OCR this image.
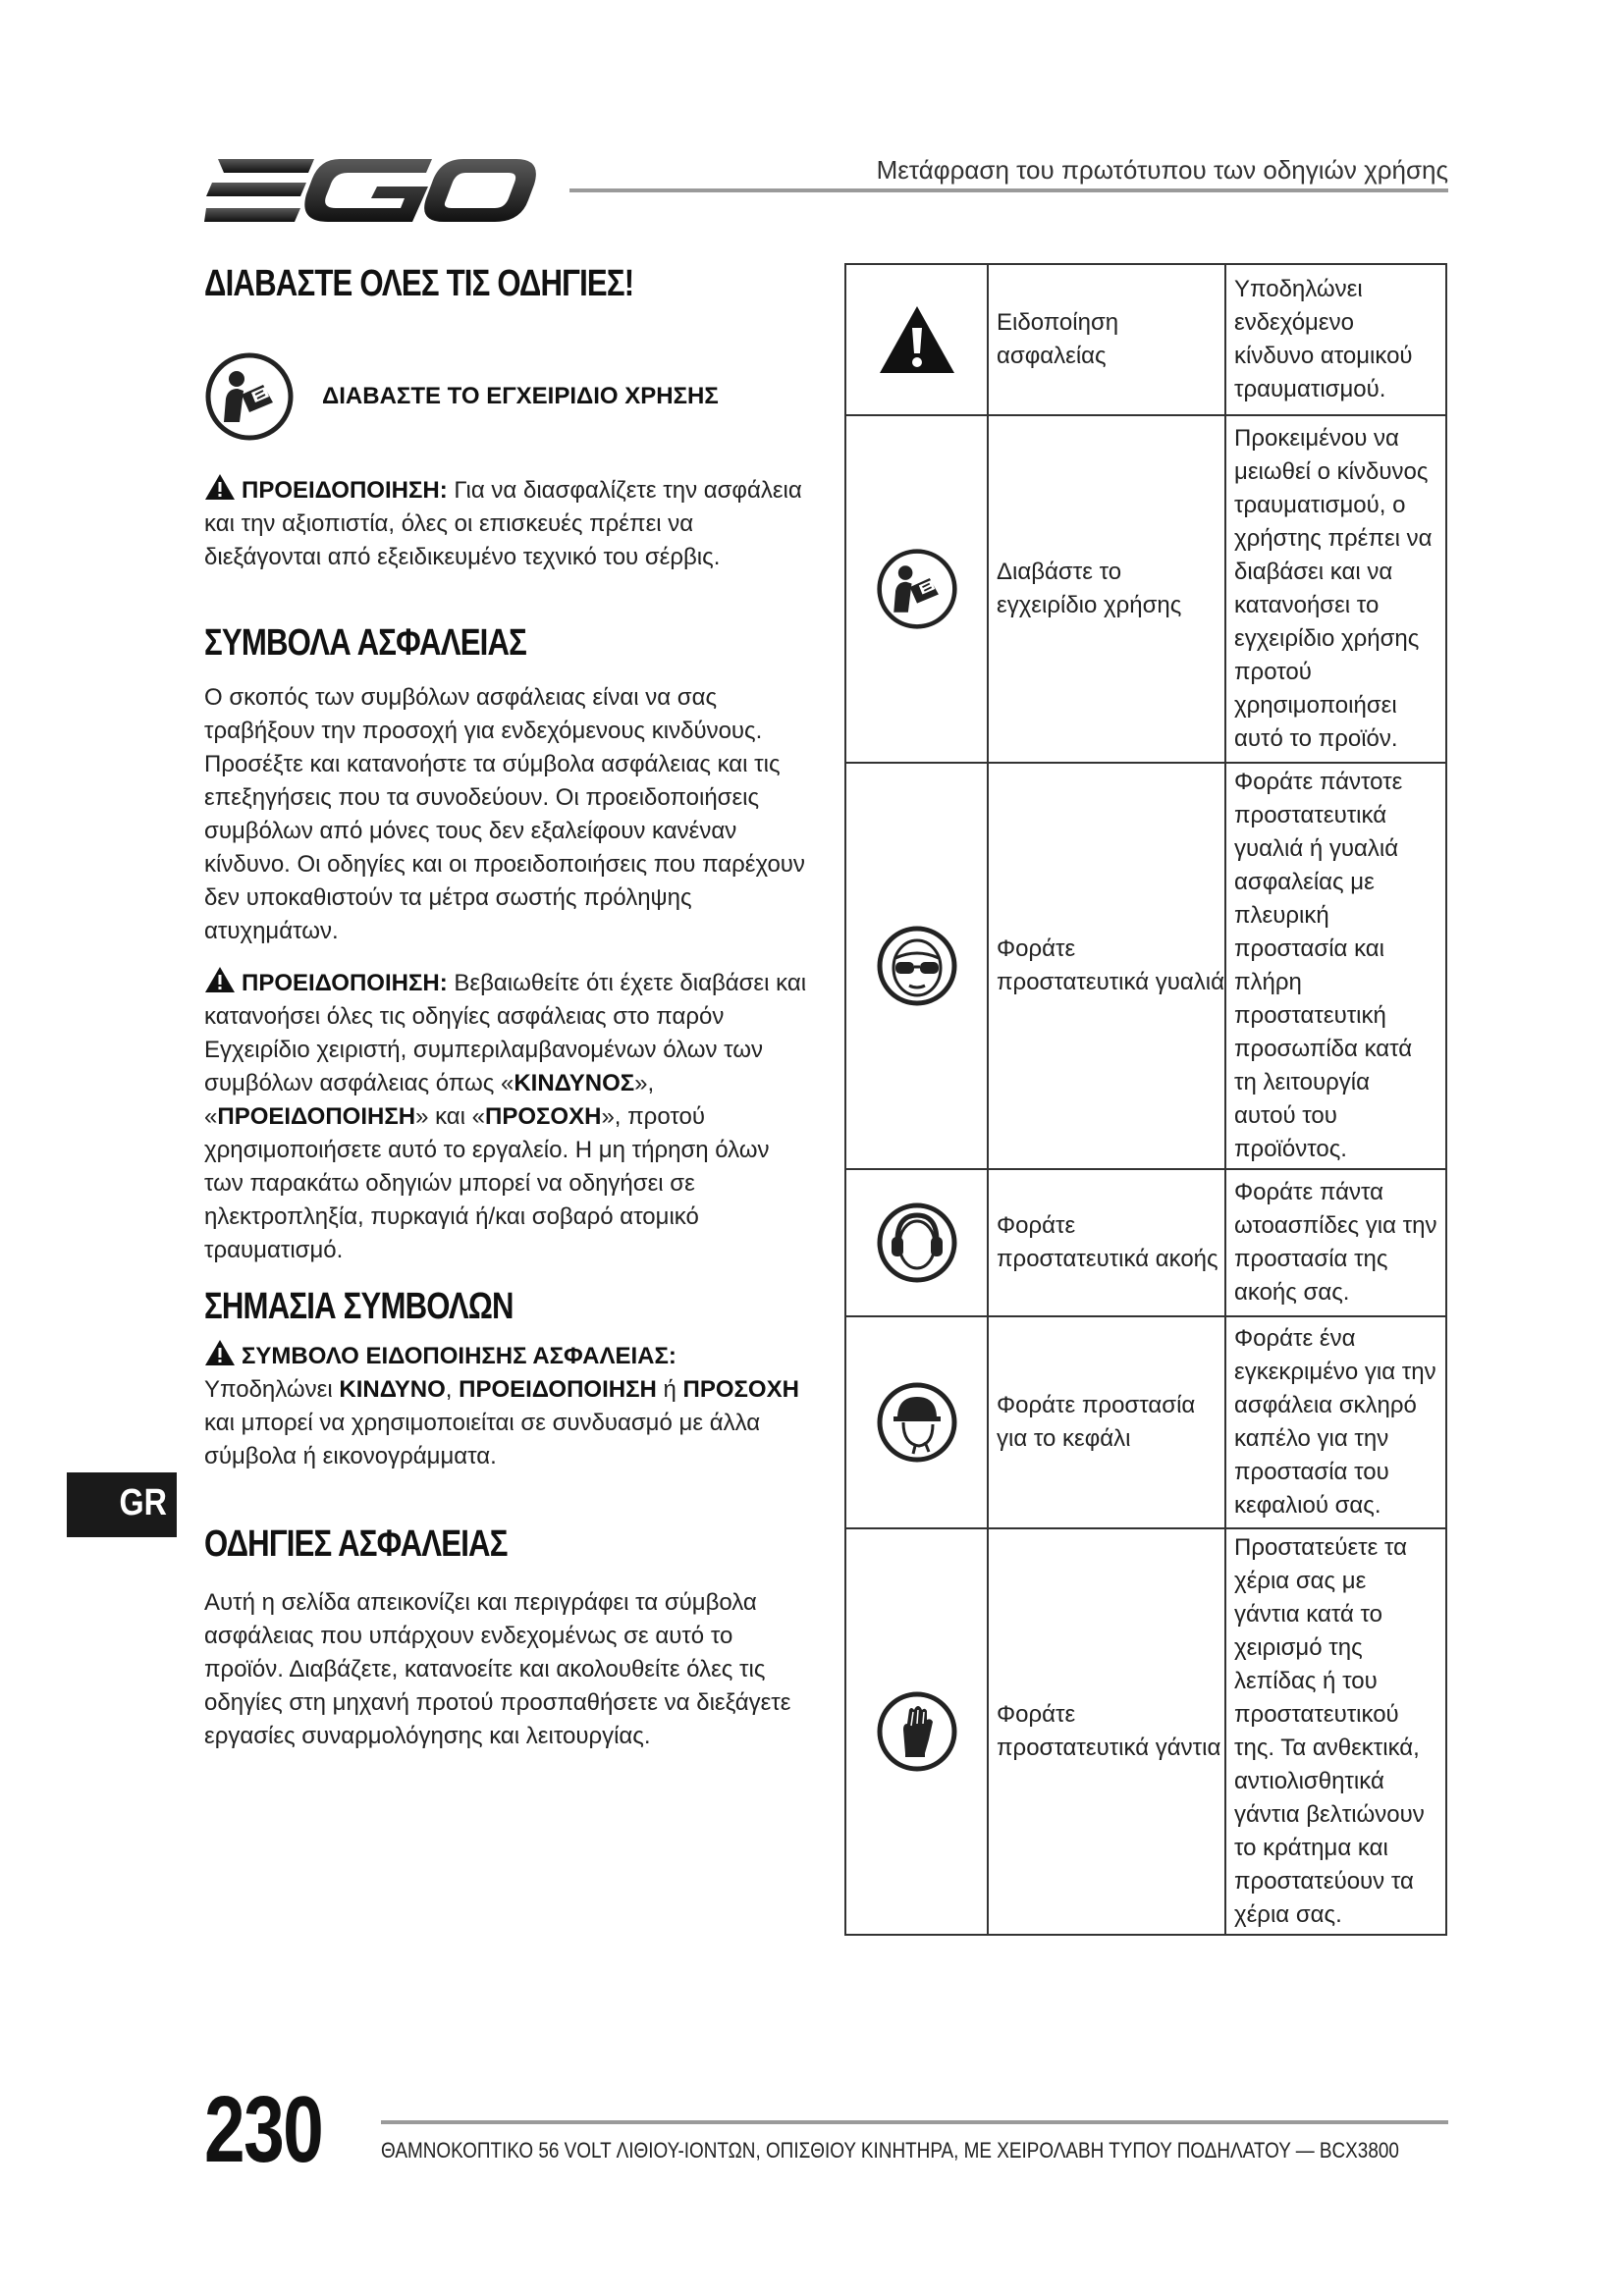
EGO
Μετάφραση του πρωτότυπου των οδηγιών χρήσης
ΔΙΑΒΑΣΤΕ ΟΛΕΣ ΤΙΣ ΟΔΗΓΙΕΣ!
ΔΙΑΒΑΣΤΕ ΤΟ ΕΓΧΕΙΡΙΔΙΟ ΧΡΗΣΗΣ
ΠΡΟΕΙΔΟΠΟΙΗΣΗ: Για να διασφαλίζετε την ασφάλεια και την αξιοπιστία, όλες οι επισκευές πρέπει να διεξάγονται από εξειδικευμένο τεχνικό του σέρβις.
ΣΥΜΒΟΛΑ ΑΣΦΑΛΕΙΑΣ
Ο σκοπός των συμβόλων ασφάλειας είναι να σας τραβήξουν την προσοχή για ενδεχόμενους κινδύνους. Προσέξτε και κατανοήστε τα σύμβολα ασφάλειας και τις επεξηγήσεις που τα συνοδεύουν. Οι προειδοποιήσεις συμβόλων από μόνες τους δεν εξαλείφουν κανέναν κίνδυνο. Οι οδηγίες και οι προειδοποιήσεις που παρέχουν δεν υποκαθιστούν τα μέτρα σωστής πρόληψης ατυχημάτων.
ΠΡΟΕΙΔΟΠΟΙΗΣΗ: Βεβαιωθείτε ότι έχετε διαβάσει και κατανοήσει όλες τις οδηγίες ασφάλειας στο παρόν Εγχειρίδιο χειριστή, συμπεριλαμβανομένων όλων των συμβόλων ασφάλειας όπως «ΚΙΝΔΥΝΟΣ», «ΠΡΟΕΙΔΟΠΟΙΗΣΗ» και «ΠΡΟΣΟΧΗ», προτού χρησιμοποιήσετε αυτό το εργαλείο. Η μη τήρηση όλων των παρακάτω οδηγιών μπορεί να οδηγήσει σε ηλεκτροπληξία, πυρκαγιά ή/και σοβαρό ατομικό τραυματισμό.
ΣΗΜΑΣΙΑ ΣΥΜΒΟΛΩΝ
ΣΥΜΒΟΛΟ ΕΙΔΟΠΟΙΗΣΗΣ ΑΣΦΑΛΕΙΑΣ:
Υποδηλώνει ΚΙΝΔΥΝΟ, ΠΡΟΕΙΔΟΠΟΙΗΣΗ ή ΠΡΟΣΟΧΗ και μπορεί να χρησιμοποιείται σε συνδυασμό με άλλα σύμβολα ή εικονογράμματα.
GR
ΟΔΗΓΙΕΣ ΑΣΦΑΛΕΙΑΣ
Αυτή η σελίδα απεικονίζει και περιγράφει τα σύμβολα ασφάλειας που υπάρχουν ενδεχομένως σε αυτό το προϊόν. Διαβάζετε, κατανοείτε και ακολουθείτε όλες τις οδηγίες στη μηχανή προτού προσπαθήσετε να διεξάγετε εργασίες συναρμολόγησης και λειτουργίας.
	Ειδοποίηση ασφαλείας	Υποδηλώνει ενδεχόμενο κίνδυνο ατομικού τραυματισμού.

	Διαβάστε το εγχειρίδιο χρήσης	Προκειμένου να μειωθεί ο κίνδυνος τραυματισμού, ο χρήστης πρέπει να διαβάσει και να κατανοήσει το εγχειρίδιο χρήσης προτού χρησιμοποιήσει αυτό το προϊόν.

	Φοράτε προστατευτικά γυαλιά	Φοράτε πάντοτε προστατευτικά γυαλιά ή γυαλιά ασφαλείας με πλευρική προστασία και πλήρη προστατευτική προσωπίδα κατά τη λειτουργία αυτού του προϊόντος.

	Φοράτε προστατευτικά ακοής	Φοράτε πάντα ωτοασπίδες για την προστασία της ακοής σας.

	Φοράτε προστασία για το κεφάλι	Φοράτε ένα εγκεκριμένο για την ασφάλεια σκληρό καπέλο για την προστασία του κεφαλιού σας.

	Φοράτε προστατευτικά γάντια	Προστατεύετε τα χέρια σας με γάντια κατά το χειρισμό της λεπίδας ή του προστατευτικού της. Τα ανθεκτικά, αντιολισθητικά γάντια βελτιώνουν το κράτημα και προστατεύουν τα χέρια σας.
230	ΘΑΜΝΟΚΟΠΤΙΚΟ 56 VOLT ΛΙΘΙΟΥ-ΙΟΝΤΩΝ, ΟΠΙΣΘΙΟΥ ΚΙΝΗΤΗΡΑ, ΜΕ ΧΕΙΡΟΛΑΒΗ ΤΥΠΟΥ ΠΟΔΗΛΑΤΟΥ — BCX3800
